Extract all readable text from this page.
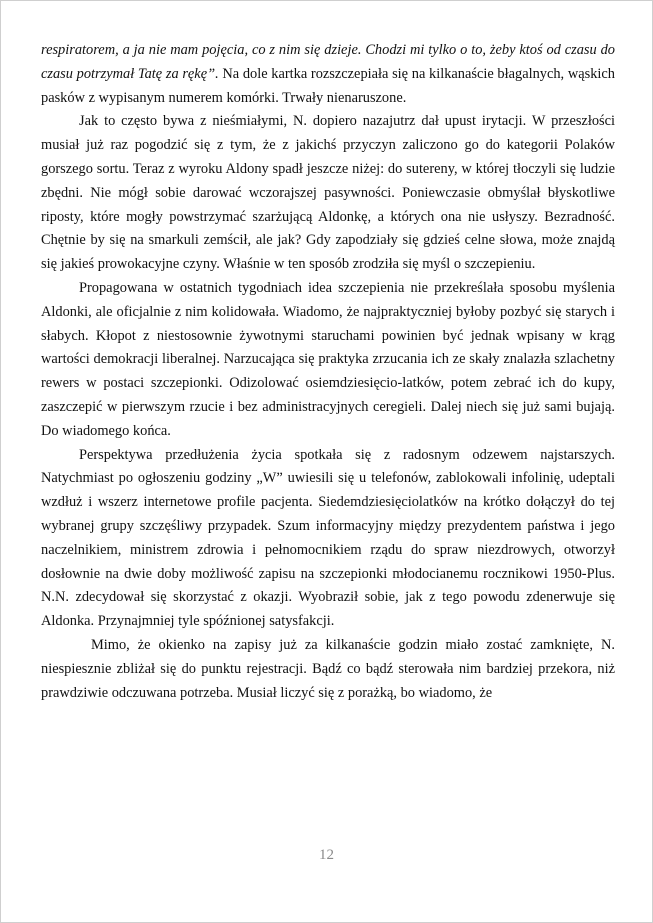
respiratorem, a ja nie mam pojęcia, co z nim się dzieje. Chodzi mi tylko o to, żeby ktoś od czasu do czasu potrzymał Tatę za rękę”. Na dole kartka rozszczepiała się na kilkanaście błagalnych, wąskich pasków z wypisanym numerem komórki. Trwały nienaruszone.

Jak to często bywa z nieśmiałymi, N. dopiero nazajutrz dał upust irytacji. W przeszłości musiał już raz pogodzić się z tym, że z jakichś przyczyn zaliczono go do kategorii Polaków gorszego sortu. Teraz z wyroku Aldony spadł jeszcze niżej: do sutereny, w której tłoczyli się ludzie zbędni. Nie mógł sobie darować wczorajszej pasywności. Poniewczasie obmyślał błyskotliwe riposty, które mogły powstrzymać szarżującą Aldonkę, a których ona nie usłyszy. Bezradność. Chętnie by się na smarkuli zemścił, ale jak? Gdy zapodziały się gdzieś celne słowa, może znajdą się jakieś prowokacyjne czyny. Właśnie w ten sposób zrodziła się myśl o szczepieniu.

Propagowana w ostatnich tygodniach idea szczepienia nie przekreślała sposobu myślenia Aldonki, ale oficjalnie z nim kolidowała. Wiadomo, że najpraktyczniej byłoby pozbyć się starych i słabych. Kłopot z niestosownie żywotnymi staruchami powinien być jednak wpisany w krąg wartości demokracji liberalnej. Narzucająca się praktyka zrzucania ich ze skały znalazła szlachetny rewers w postaci szczepionki. Odizolować osiemdziesięcio-latków, potem zebrać ich do kupy, zaszczepić w pierwszym rzucie i bez administracyjnych ceregieli. Dalej niech się już sami bujają. Do wiadomego końca.

Perspektywa przedłużenia życia spotkała się z radosnym odzewem najstarszych. Natychmiast po ogłoszeniu godziny „W” uwiesili się u telefonów, zablokowali infolinię, udeptali wzdłuż i wszerz internetowe profile pacjenta. Siedemdziesięciolatków na krótko dołączył do tej wybranej grupy szczęśliwy przypadek. Szum informacyjny między prezydentem państwa i jego naczelnikiem, ministrem zdrowia i pełnomocnikiem rządu do spraw niezdrowych, otworzył dosłownie na dwie doby możliwość zapisu na szczepionki młodocianemu rocznikowi 1950-Plus. N.N. zdecydował się skorzystać z okazji. Wyobraził sobie, jak z tego powodu zdenerwuje się Aldonka. Przynajmniej tyle spóźnionej satysfakcji.

Mimo, że okienko na zapisy już za kilkanaście godzin miało zostać zamknięte, N. niespiesznie zbliżał się do punktu rejestracji. Bądź co bądź sterowała nim bardziej przekora, niż prawdziwie odczuwana potrzeba. Musiał liczyć się z porażką, bo wiadomo, że

12
